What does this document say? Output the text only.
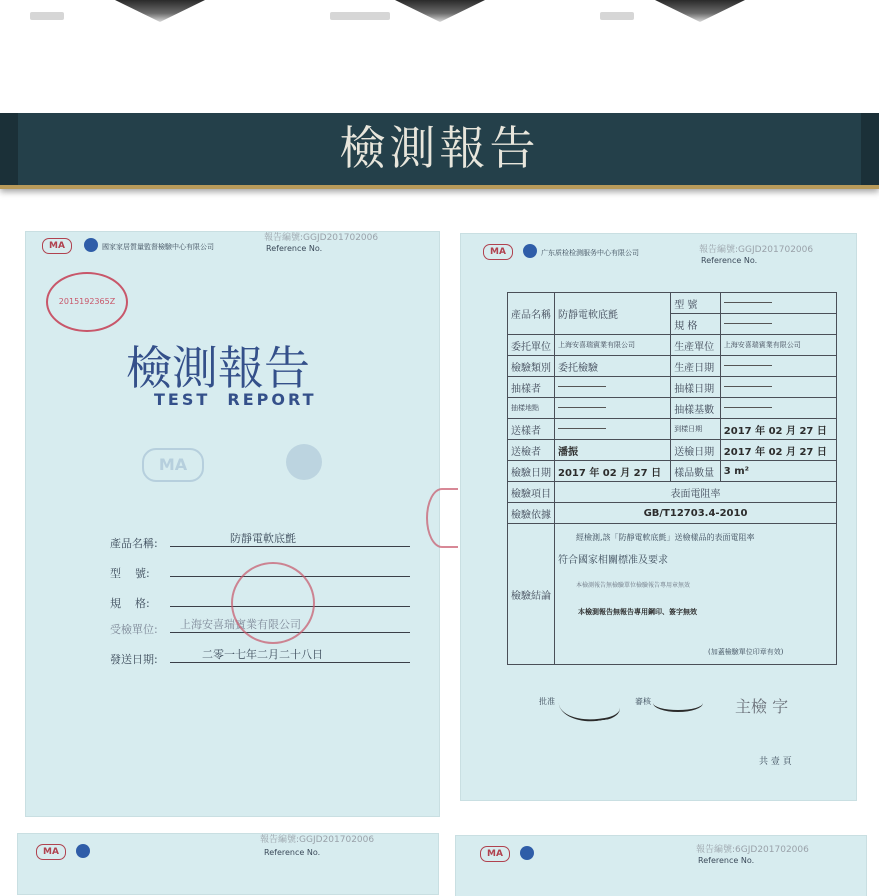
檢測報告
報告編號:GGJD201702006
MA	國家家居質量監督檢驗中心有限公司	Reference No.
2015192365Z
檢測報告
TEST  REPORT
MA
產品名稱:	防靜電軟底氈
型    號:
規    格:
受檢單位: 上海安喜瑞賓業有限公司
發送日期:	二零一七年二月二十八日
報告編號:GGJD201702006
MA	广东质检检测服务中心有限公司
Reference No.
產品名稱	防靜電軟底氈	型 號	
		規 格	
委托單位	上海安喜瑞賓業有限公司	生產單位	上海安喜瑞賓業有限公司
檢驗類別	委托檢驗	生產日期	
抽樣者		抽樣日期	
抽樣地點		抽樣基數	
送樣者		到樣日期	2017 年 02 月 27 日
送檢者	潘振	送檢日期	2017 年 02 月 27 日
檢驗日期	2017 年 02 月 27 日	樣品數量	3 m²
檢驗項目	表面電阻率		
檢驗依據	GB/T12703.4-2010		
檢驗結論	經檢測,該「防靜電軟底氈」送檢樣品的表面電阻率
符合國家相關標准及要求
本檢測報告無檢驗單位檢驗報告專用章無效
本檢測報告無報告專用鋼印、簽字無效
(加蓋檢驗單位印章有效)		
批准	審核	主檢 字
共 壹 頁
MA
報告編號:GGJD201702006
Reference No.	MA	報告編號:6GJD201702006
Reference No.
